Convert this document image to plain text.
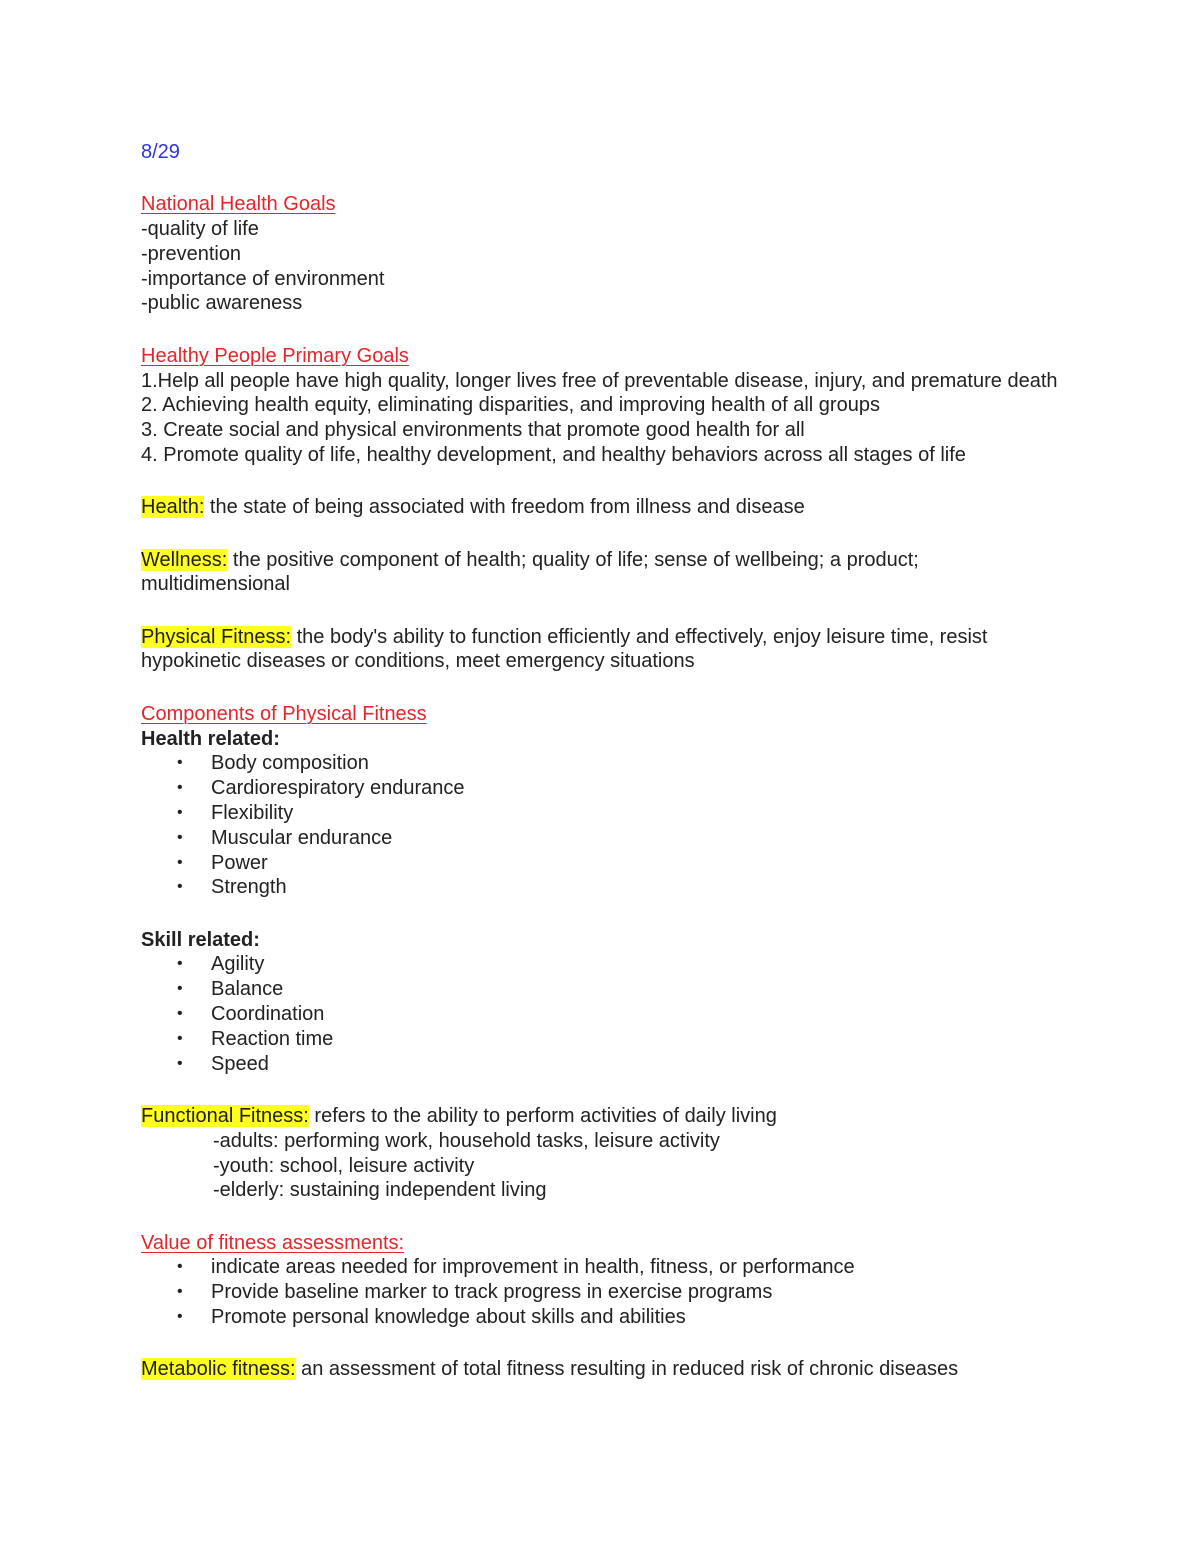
8/29
National Health Goals
-quality of life
-prevention
-importance of environment
-public awareness
Healthy People Primary Goals
1.Help all people have high quality, longer lives free of preventable disease, injury, and premature death
2. Achieving health equity, eliminating disparities, and improving health of all groups
3. Create social and physical environments that promote good health for all
4. Promote quality of life, healthy development, and healthy behaviors across all stages of life
Health: the state of being associated with freedom from illness and disease
Wellness: the positive component of health; quality of life; sense of wellbeing; a product; multidimensional
Physical Fitness: the body's ability to function efficiently and effectively, enjoy leisure time, resist hypokinetic diseases or conditions, meet emergency situations
Components of Physical Fitness
Health related:
• Body composition
• Cardiorespiratory endurance
• Flexibility
• Muscular endurance
• Power
• Strength
Skill related:
• Agility
• Balance
• Coordination
• Reaction time
• Speed
Functional Fitness: refers to the ability to perform activities of daily living
-adults: performing work, household tasks, leisure activity
-youth: school, leisure activity
-elderly: sustaining independent living
Value of fitness assessments:
• indicate areas needed for improvement in health, fitness, or performance
• Provide baseline marker to track progress in exercise programs
• Promote personal knowledge about skills and abilities
Metabolic fitness: an assessment of total fitness resulting in reduced risk of chronic diseases
